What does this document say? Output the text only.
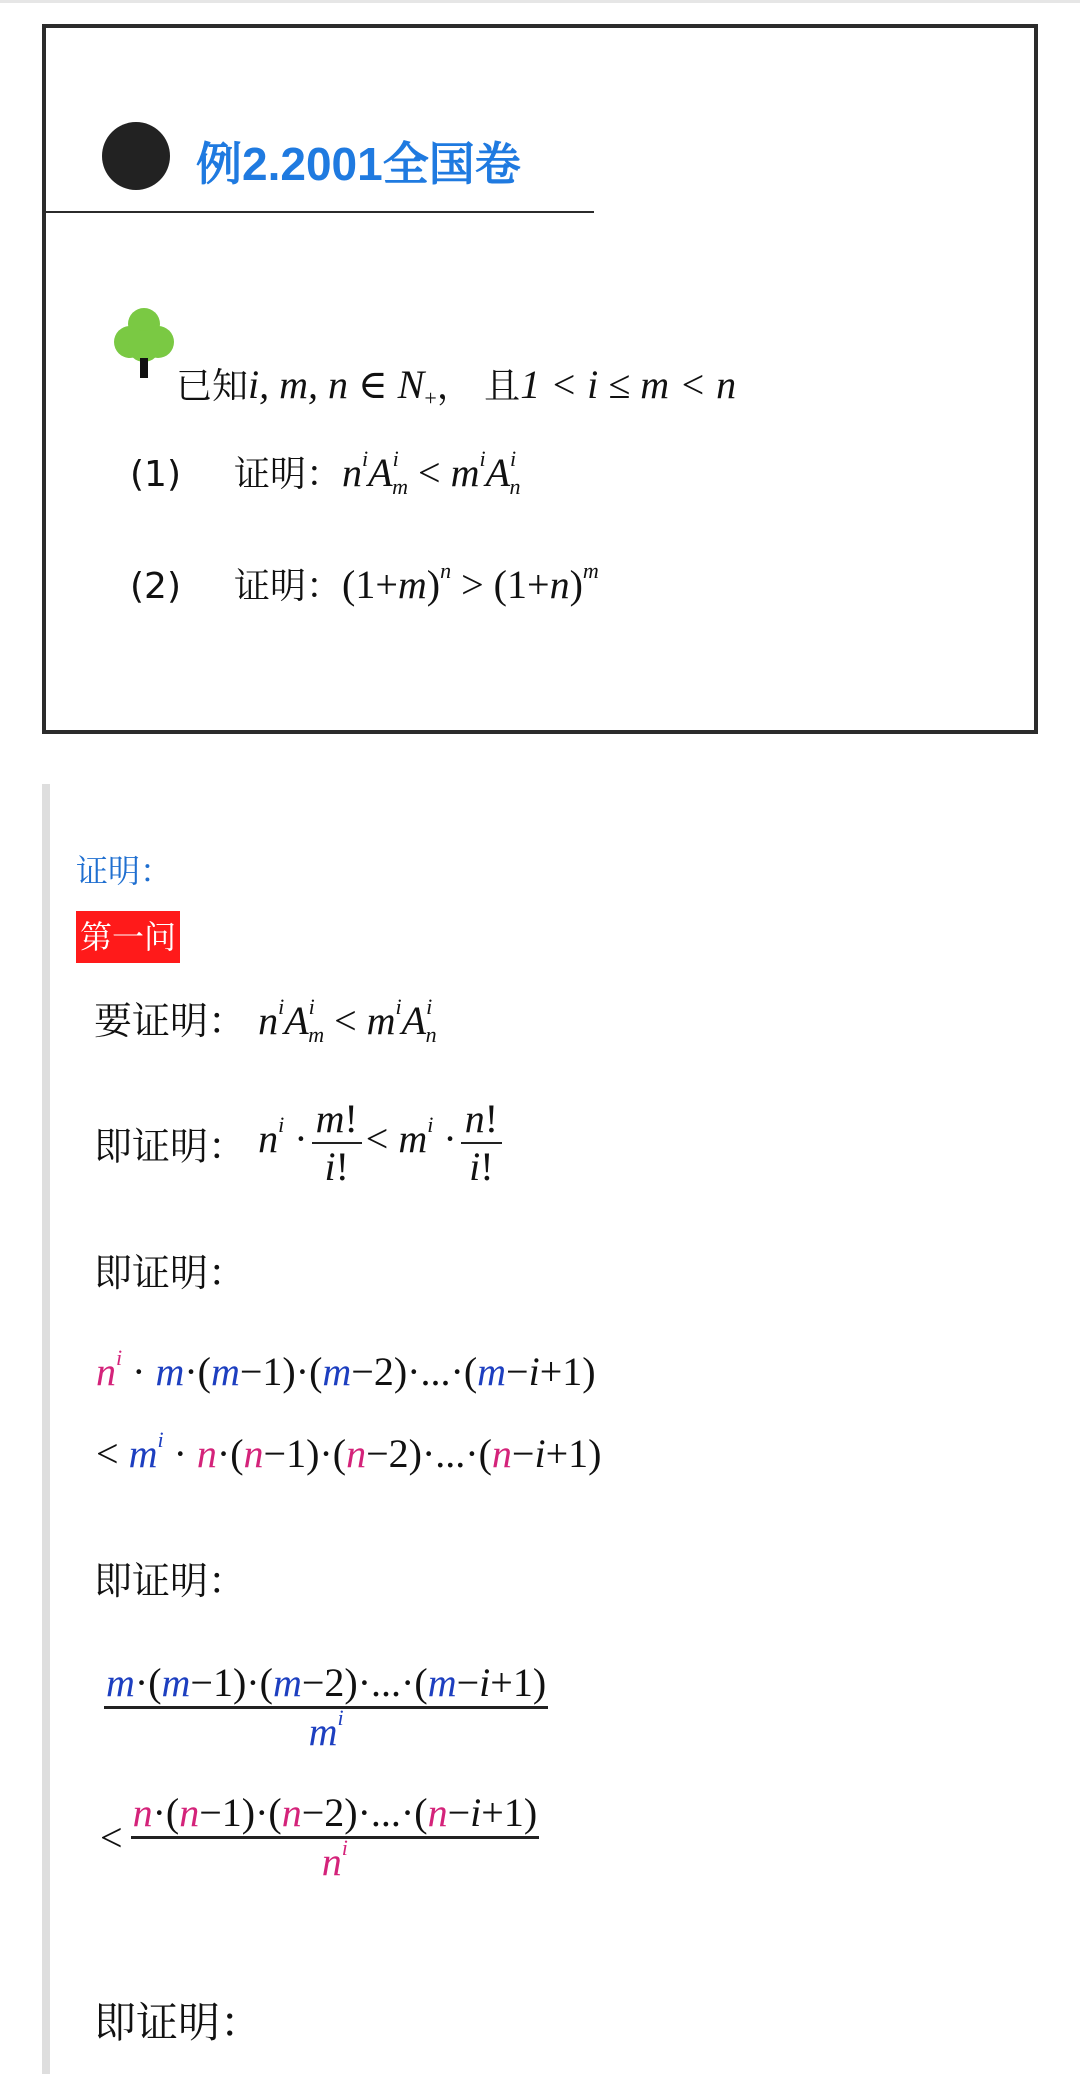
例2.2001全国卷
已知i, m, n ∈ $N_+$， 且1 < i ≤ m < n
(1) 证明：$n^iA^i_m < m^iA^i_n$
(2) 证明：$(1+m)^n > (1+n)^m$
证明：
第一问
要证明： $n^iA^i_m < m^iA^i_n$
即证明： $n^i \cdot \frac{m!}{i!} < m^i \cdot \frac{n!}{i!}$
即证明：
$n^i \cdot m\cdot(m-1)\cdot(m-2)\cdot...\cdot(m-i+1)$
< $m^i \cdot n\cdot(n-1)\cdot(n-2)\cdot...\cdot(n-i+1)$
即证明：
$\frac{m\cdot(m-1)\cdot(m-2)\cdot...\cdot(m-i+1)}{m^i}$
< $\frac{n\cdot(n-1)\cdot(n-2)\cdot...\cdot(n-i+1)}{n^i}$
即证明：
